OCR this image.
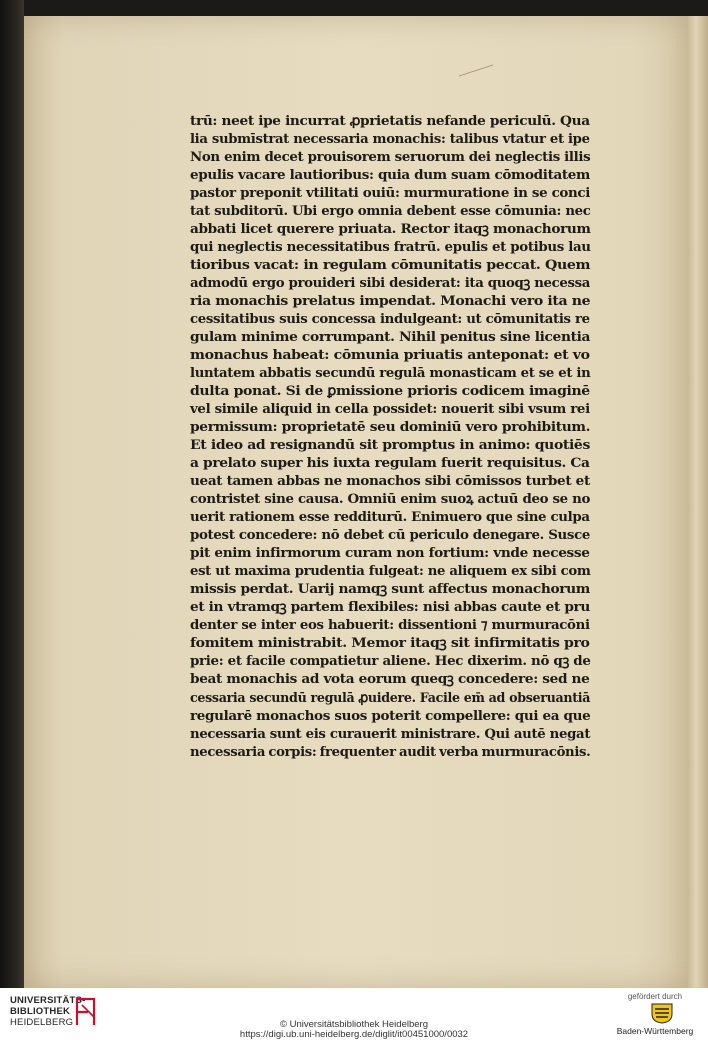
trū: neet ipe incurrat ꝓprietatis nefande periculū. Qua
lia submīstrat necessaria monachis: talibus vtatur et ipe
Non enim decet prouisorem seruorum dei neglectis illis
epulis vacare lautioribus: quia dum suam cōmoditatem
pastor preponit vtilitati ouiū: murmuratione in se conci
tat subditorū. Ubi ergo omnia debent esse cōmunia: nec
abbati licet querere priuata. Rector itaqꝫ monachorum
qui neglectis necessitatibus fratrū. epulis et potibus lau
tioribus vacat: in regulam cōmunitatis peccat. Quem
admodū ergo prouideri sibi desiderat: ita quoqꝫ necessa
ria monachis prelatus impendat. Monachi vero ita ne
cessitatibus suis concessa indulgeant: ut cōmunitatis re
gulam minime corrumpant. Nihil penitus sine licentia
monachus habeat: cōmunia priuatis anteponat: et vo
luntatem abbatis secundū regulā monasticam et se et in
dulta ponat. Si de ꝑmissione prioris codicem imaginē
vel simile aliquid in cella possidet: nouerit sibi vsum rei
permissum: proprietatē seu dominiū vero prohibitum.
Et ideo ad resignandū sit promptus in animo: quotiēs
a prelato super his iuxta regulam fuerit requisitus. Ca
ueat tamen abbas ne monachos sibi cōmissos turbet et
contristet sine causa. Omniū enim suoꝝ actuū deo se no
uerit rationem esse redditurū. Enimuero que sine culpa
potest concedere: nō debet cū periculo denegare. Susce
pit enim infirmorum curam non fortium: vnde necesse
est ut maxima prudentia fulgeat: ne aliquem ex sibi com
missis perdat. Uarij namqꝫ sunt affectus monachorum
et in vtramqꝫ partem flexibiles: nisi abbas caute et pru
denter se inter eos habuerit: dissentioni ⁊ murmuracōni
fomitem ministrabit. Memor itaqꝫ sit infirmitatis pro
prie: et facile compatietur aliene. Hec dixerim. nō qꝫ de
beat monachis ad vota eorum queqꝫ concedere: sed ne
cessaria secundū regulā ꝓuidere. Facile em̄ ad obseruantiā
regularē monachos suos poterit compellere: qui ea que
necessaria sunt eis curauerit ministrare. Qui autē negat
necessaria corpis: frequenter audit verba murmuracōnis.
UNIVERSITÄTS-
BIBLIOTHEK
HEIDELBERG	© Universitätsbibliothek Heidelberg
https://digi.ub.uni-heidelberg.de/diglit/it00451000/0032
gefördert durch
Baden-Württemberg
